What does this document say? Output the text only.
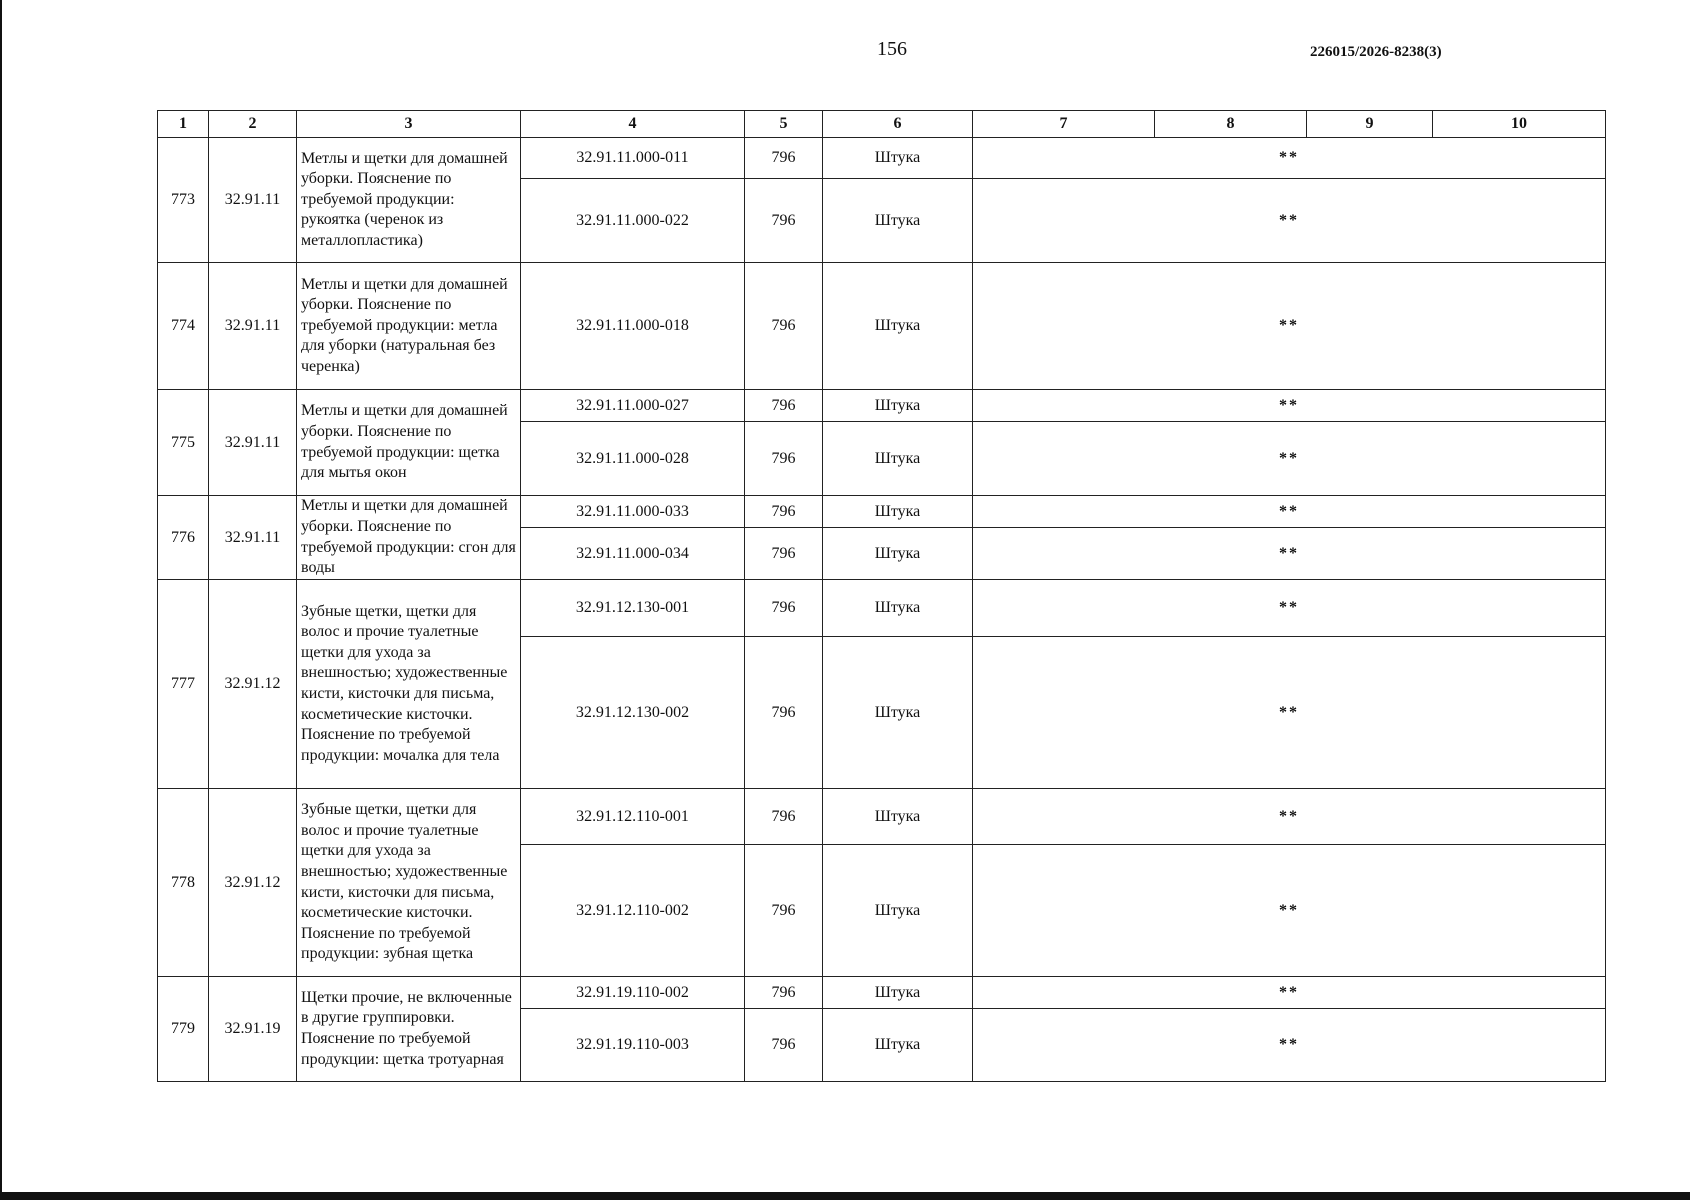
156	226015/2026-8238(3)
1	2	3	4	5	6	7	8	9	10
773	32.91.11	Метлы и щетки для домашней уборки. Пояснение по требуемой продукции: рукоятка (черенок из металлопластика)	32.91.11.000-011	796	Штука	**			
			32.91.11.000-022	796	Штука	**			
774	32.91.11	Метлы и щетки для домашней уборки. Пояснение по требуемой продукции: метла для уборки (натуральная без черенка)	32.91.11.000-018	796	Штука	**			
775	32.91.11	Метлы и щетки для домашней уборки. Пояснение по требуемой продукции: щетка для мытья окон	32.91.11.000-027	796	Штука	**			
			32.91.11.000-028	796	Штука	**			
776	32.91.11	Метлы и щетки для домашней уборки. Пояснение по требуемой продукции: сгон для воды	32.91.11.000-033	796	Штука	**			
			32.91.11.000-034	796	Штука	**			
777	32.91.12	Зубные щетки, щетки для волос и прочие туалетные щетки для ухода за внешностью; художественные кисти, кисточки для письма, косметические кисточки. Пояснение по требуемой продукции: мочалка для тела	32.91.12.130-001	796	Штука	**			
			32.91.12.130-002	796	Штука	**			
778	32.91.12	Зубные щетки, щетки для волос и прочие туалетные щетки для ухода за внешностью; художественные кисти, кисточки для письма, косметические кисточки. Пояснение по требуемой продукции: зубная щетка	32.91.12.110-001	796	Штука	**			
			32.91.12.110-002	796	Штука	**			
779	32.91.19	Щетки прочие, не включенные в другие группировки. Пояснение по требуемой продукции: щетка тротуарная	32.91.19.110-002	796	Штука	**			
			32.91.19.110-003	796	Штука	**			
